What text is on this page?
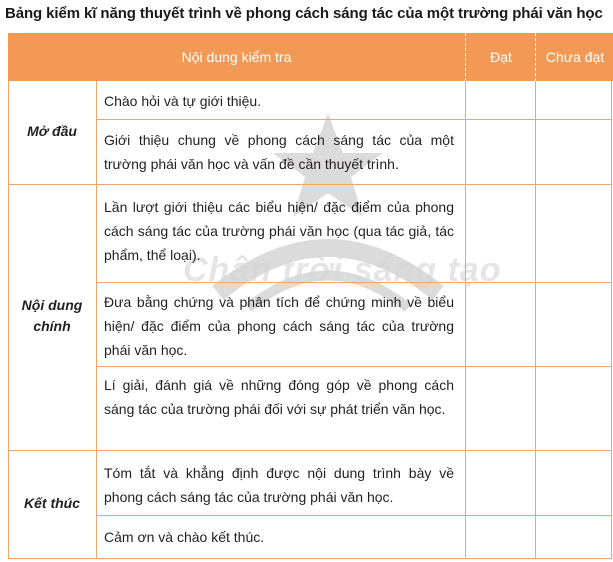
Bảng kiểm kĩ năng thuyết trình về phong cách sáng tác của một trường phái văn học
Nội dung kiểm tra	Đạt	Chưa đạt
Chân trời sáng tạo
Mở đầu
Nội dung chính
Kết thúc
Chào hỏi và tự giới thiệu.
Giới thiệu chung về phong cách sáng tác của một trường phái văn học và vấn đề cần thuyết trình.
Lần lượt giới thiệu các biểu hiện/ đặc điểm của phong cách sáng tác của trường phái văn học (qua tác giả, tác phẩm, thể loại).
Đưa bằng chứng và phân tích để chứng minh về biểu hiện/ đặc điểm của phong cách sáng tác của trường phái văn học.
Lí giải, đánh giá về những đóng góp về phong cách sáng tác của trường phái đối với sự phát triển văn học.
Tóm tắt và khẳng định được nội dung trình bày về phong cách sáng tác của trường phái văn học.
Cảm ơn và chào kết thúc.
